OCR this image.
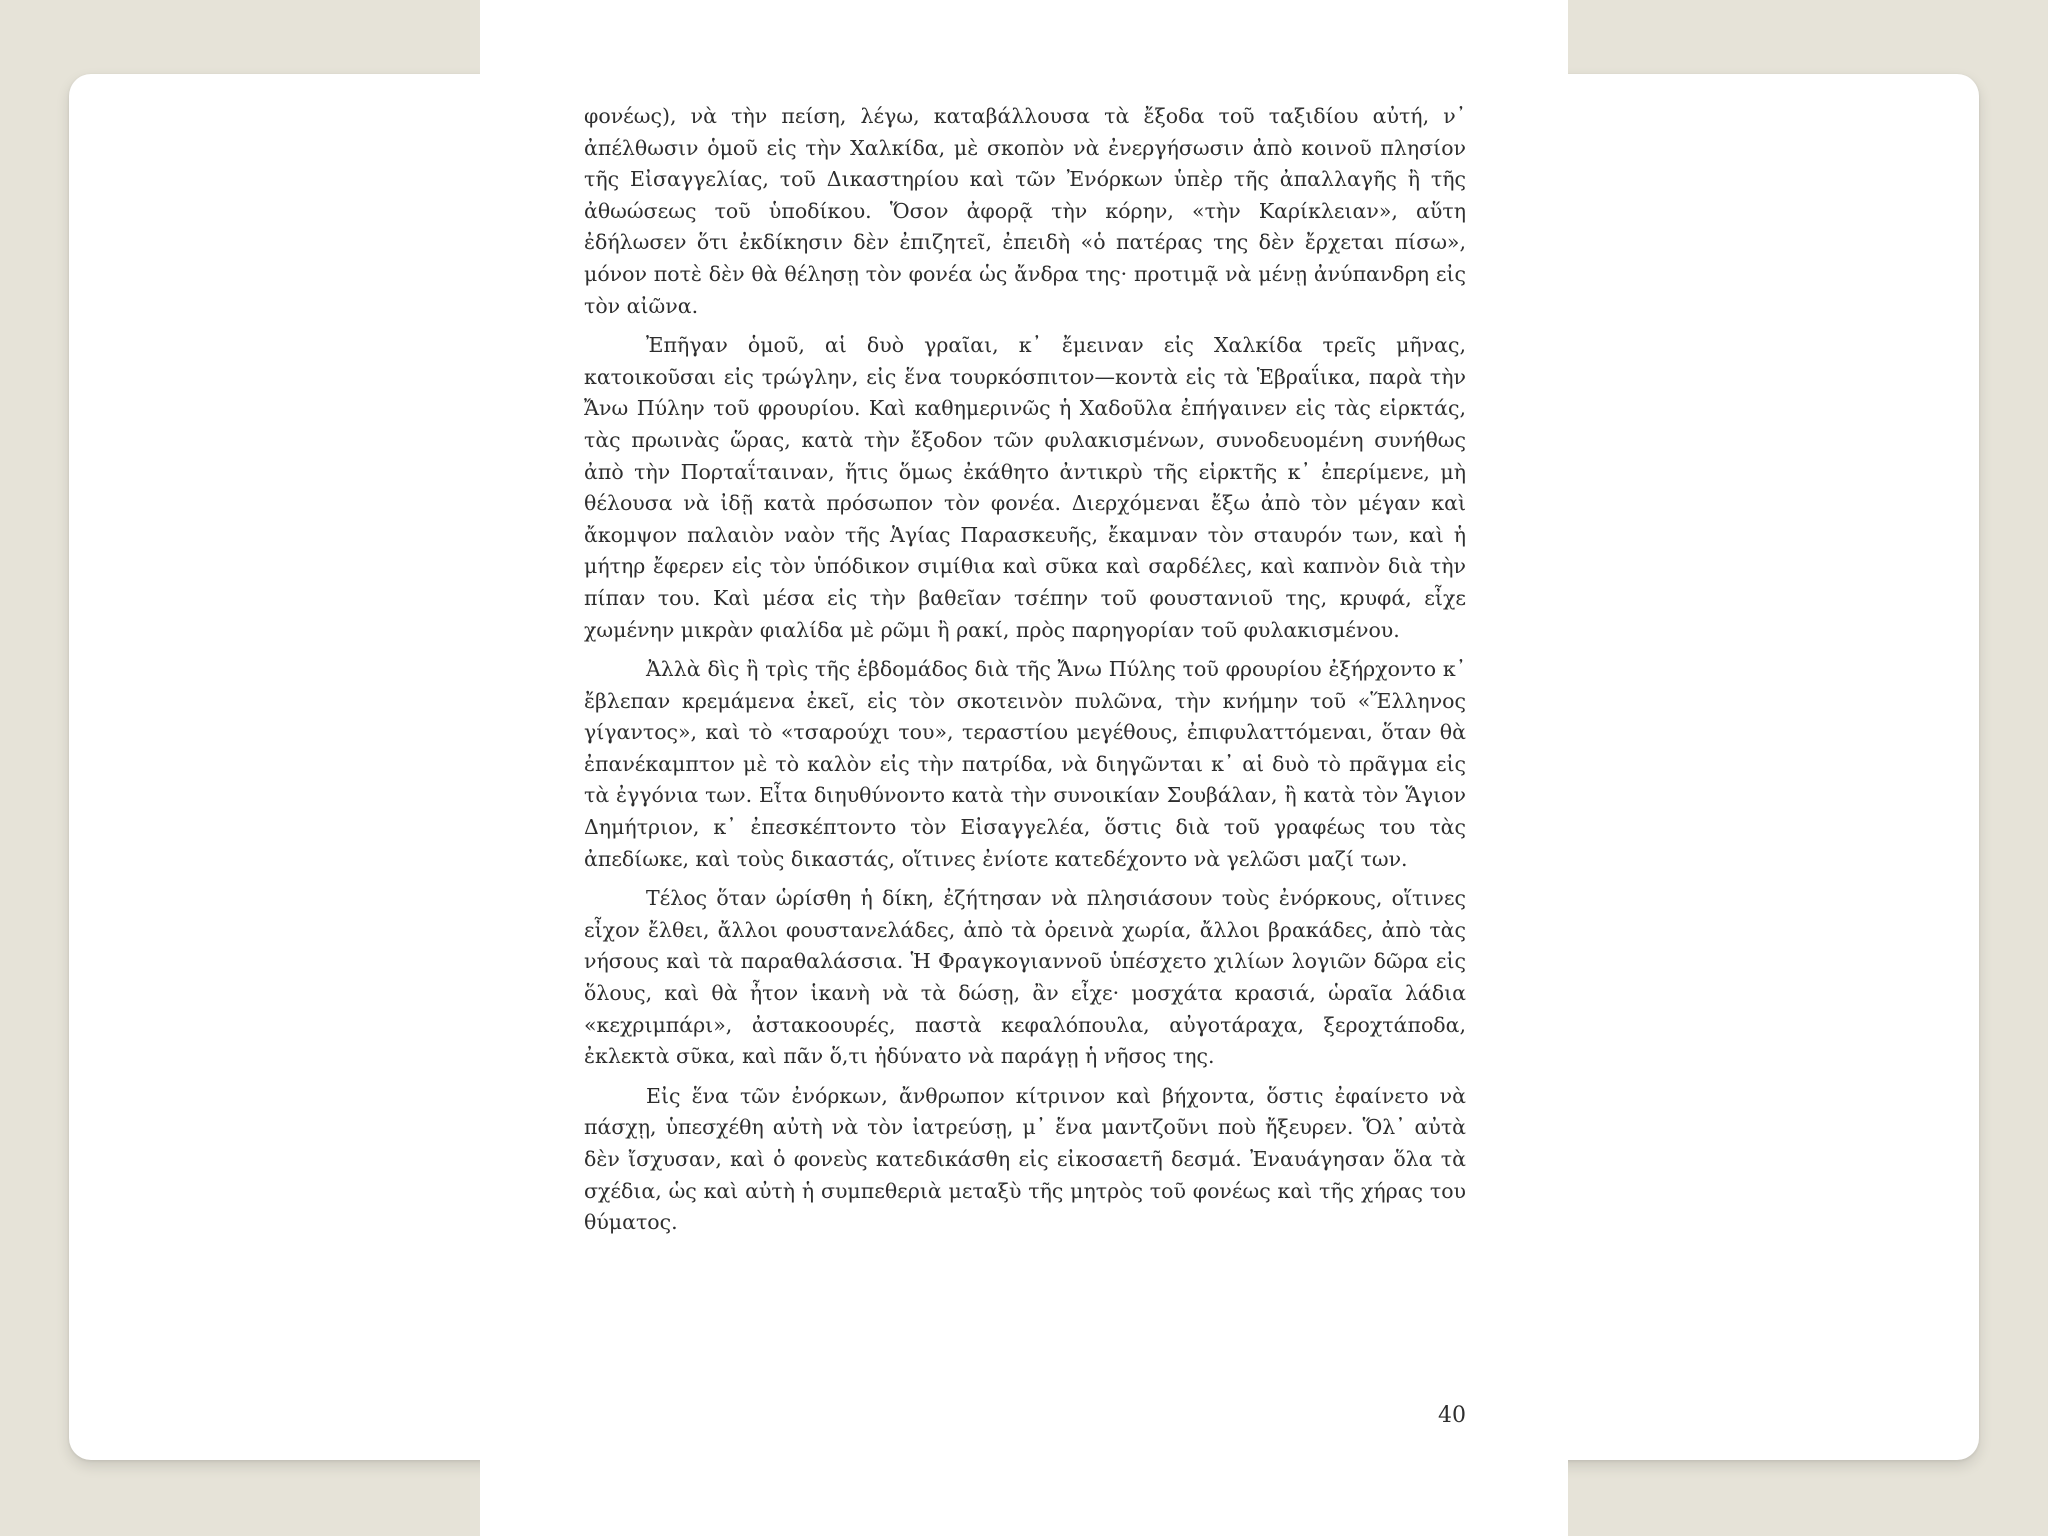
φονέως), νὰ τὴν πείση, λέγω, καταβάλλουσα τὰ ἔξοδα τοῦ ταξιδίου αὐτή, ν᾽ ἀπέλθωσιν ὁμοῦ εἰς τὴν Χαλκίδα, μὲ σκοπὸν νὰ ἐνεργήσωσιν ἀπὸ κοινοῦ πλησίον τῆς Εἰσαγγελίας, τοῦ Δικαστηρίου καὶ τῶν Ἐνόρκων ὑπὲρ τῆς ἀπαλλαγῆς ἢ τῆς ἀθωώσεως τοῦ ὑποδίκου. Ὅσον ἀφορᾷ τὴν κόρην, «τὴν Καρίκλειαν», αὕτη ἐδήλωσεν ὅτι ἐκδίκησιν δὲν ἐπιζητεῖ, ἐπειδὴ «ὁ πατέρας της δὲν ἔρχεται πίσω», μόνον ποτὲ δὲν θὰ θέλησῃ τὸν φονέα ὡς ἄνδρα της· προτιμᾷ νὰ μένῃ ἀνύπανδρη εἰς τὸν αἰῶνα.

Ἐπῆγαν ὁμοῦ, αἱ δυὸ γραῖαι, κ᾽ ἔμειναν εἰς Χαλκίδα τρεῖς μῆνας, κατοικοῦσαι εἰς τρώγλην, εἰς ἕνα τουρκόσπιτον—κοντὰ εἰς τὰ Ἑβραΐικα, παρὰ τὴν Ἄνω Πύλην τοῦ φρουρίου. Καὶ καθημερινῶς ἡ Χαδοῦλα ἐπήγαινεν εἰς τὰς εἱρκτάς, τὰς πρωινὰς ὥρας, κατὰ τὴν ἔξοδον τῶν φυλακισμένων, συνοδευομένη συνήθως ἀπὸ τὴν Πορταΐταιναν, ἥτις ὅμως ἐκάθητο ἀντικρὺ τῆς εἱρκτῆς κ᾽ ἐπερίμενε, μὴ θέλουσα νὰ ἰδῇ κατὰ πρόσωπον τὸν φονέα. Διερχόμεναι ἔξω ἀπὸ τὸν μέγαν καὶ ἄκομψον παλαιὸν ναὸν τῆς Ἁγίας Παρασκευῆς, ἔκαμναν τὸν σταυρόν των, καὶ ἡ μήτηρ ἔφερεν εἰς τὸν ὑπόδικον σιμίθια καὶ σῦκα καὶ σαρδέλες, καὶ καπνὸν διὰ τὴν πίπαν του. Καὶ μέσα εἰς τὴν βαθεῖαν τσέπην τοῦ φουστανιοῦ της, κρυφά, εἶχε χωμένην μικρὰν φιαλίδα μὲ ρῶμι ἢ ρακί, πρὸς παρηγορίαν τοῦ φυλακισμένου.

Ἀλλὰ δὶς ἢ τρὶς τῆς ἑβδομάδος διὰ τῆς Ἄνω Πύλης τοῦ φρουρίου ἐξήρχοντο κ᾽ ἔβλεπαν κρεμάμενα ἐκεῖ, εἰς τὸν σκοτεινὸν πυλῶνα, τὴν κνήμην τοῦ «Ἕλληνος γίγαντος», καὶ τὸ «τσαρούχι του», τεραστίου μεγέθους, ἐπιφυλαττόμεναι, ὅταν θὰ ἐπανέκαμπτον μὲ τὸ καλὸν εἰς τὴν πατρίδα, νὰ διηγῶνται κ᾽ αἱ δυὸ τὸ πρᾶγμα εἰς τὰ ἐγγόνια των. Εἶτα διηυθύνοντο κατὰ τὴν συνοικίαν Σουβάλαν, ἢ κατὰ τὸν Ἅγιον Δημήτριον, κ᾽ ἐπεσκέπτοντο τὸν Εἰσαγγελέα, ὅστις διὰ τοῦ γραφέως του τὰς ἀπεδίωκε, καὶ τοὺς δικαστάς, οἵτινες ἐνίοτε κατεδέχοντο νὰ γελῶσι μαζί των.

Τέλος ὅταν ὡρίσθη ἡ δίκη, ἐζήτησαν νὰ πλησιάσουν τοὺς ἐνόρκους, οἵτινες εἶχον ἔλθει, ἄλλοι φουστανελάδες, ἀπὸ τὰ ὀρεινὰ χωρία, ἄλλοι βρακάδες, ἀπὸ τὰς νήσους καὶ τὰ παραθαλάσσια. Ἡ Φραγκογιαννοῦ ὑπέσχετο χιλίων λογιῶν δῶρα εἰς ὅλους, καὶ θὰ ἦτον ἱκανὴ νὰ τὰ δώσῃ, ἂν εἶχε· μοσχάτα κρασιά, ὡραῖα λάδια «κεχριμπάρι», ἀστακοουρές, παστὰ κεφαλόπουλα, αὐγοτάραχα, ξεροχτάποδα, ἐκλεκτὰ σῦκα, καὶ πᾶν ὅ,τι ἠδύνατο νὰ παράγῃ ἡ νῆσος της.

Εἰς ἕνα τῶν ἐνόρκων, ἄνθρωπον κίτρινον καὶ βήχοντα, ὅστις ἐφαίνετο νὰ πάσχῃ, ὑπεσχέθη αὐτὴ νὰ τὸν ἰατρεύσῃ, μ᾽ ἕνα μαντζοῦνι ποὺ ἤξευρεν. Ὅλ᾽ αὐτὰ δὲν ἴσχυσαν, καὶ ὁ φονεὺς κατεδικάσθη εἰς εἰκοσαετῆ δεσμά. Ἐναυάγησαν ὅλα τὰ σχέδια, ὡς καὶ αὐτὴ ἡ συμπεθεριὰ μεταξὺ τῆς μητρὸς τοῦ φονέως καὶ τῆς χήρας του θύματος.

40
